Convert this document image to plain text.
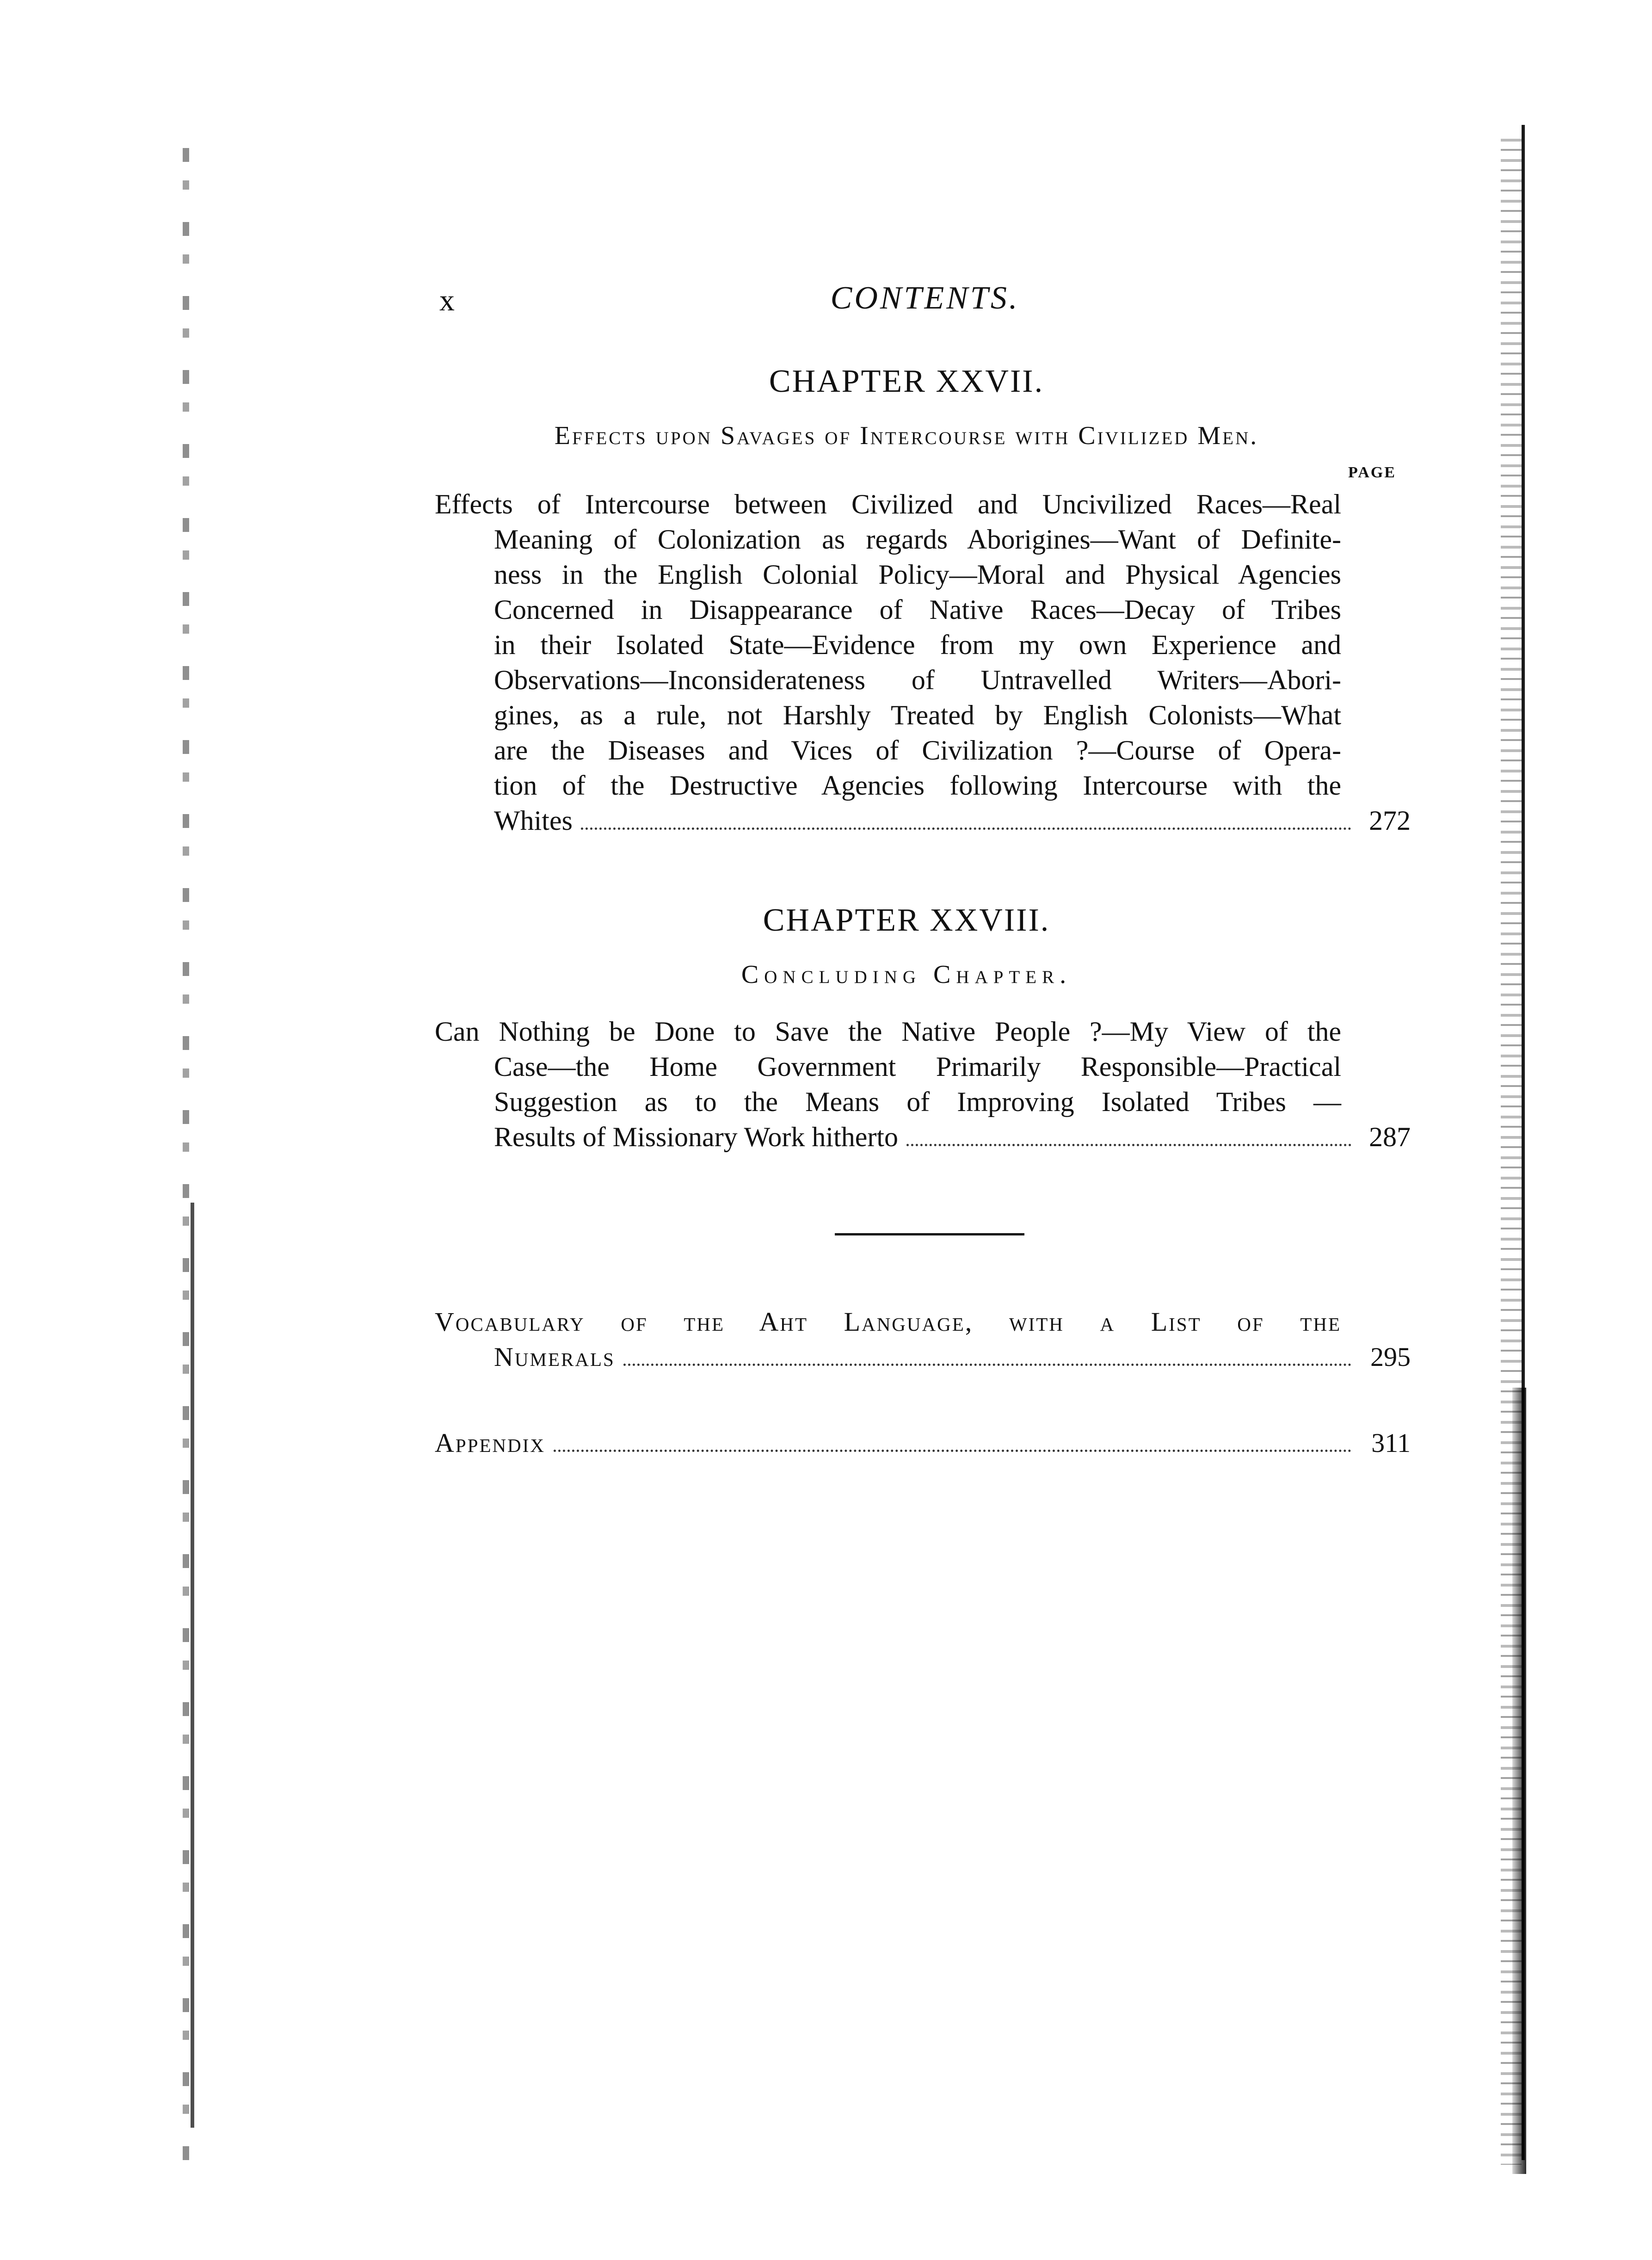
x	CONTENTS.
CHAPTER XXVII.
Effects upon Savages of Intercourse with Civilized Men.
PAGE
Effects of Intercourse between Civilized and Uncivilized Races—Real
Meaning of Colonization as regards Aborigines—Want of Definite-
ness in the English Colonial Policy—Moral and Physical Agencies
Concerned in Disappearance of Native Races—Decay of Tribes
in their Isolated State—Evidence from my own Experience and
Observations—Inconsiderateness of Untravelled Writers—Abori-
gines, as a rule, not Harshly Treated by English Colonists—What
are the Diseases and Vices of Civilization ?—Course of Opera-
tion of the Destructive Agencies following Intercourse with the
Whites	272
CHAPTER XXVIII.
Concluding Chapter.
Can Nothing be Done to Save the Native People ?—My View of the
Case—the Home Government Primarily Responsible—Practical
Suggestion as to the Means of Improving Isolated Tribes —
Results of Missionary Work hitherto	287
Vocabulary of the Aht Language, with a List of the
Numerals	295
Appendix	311
